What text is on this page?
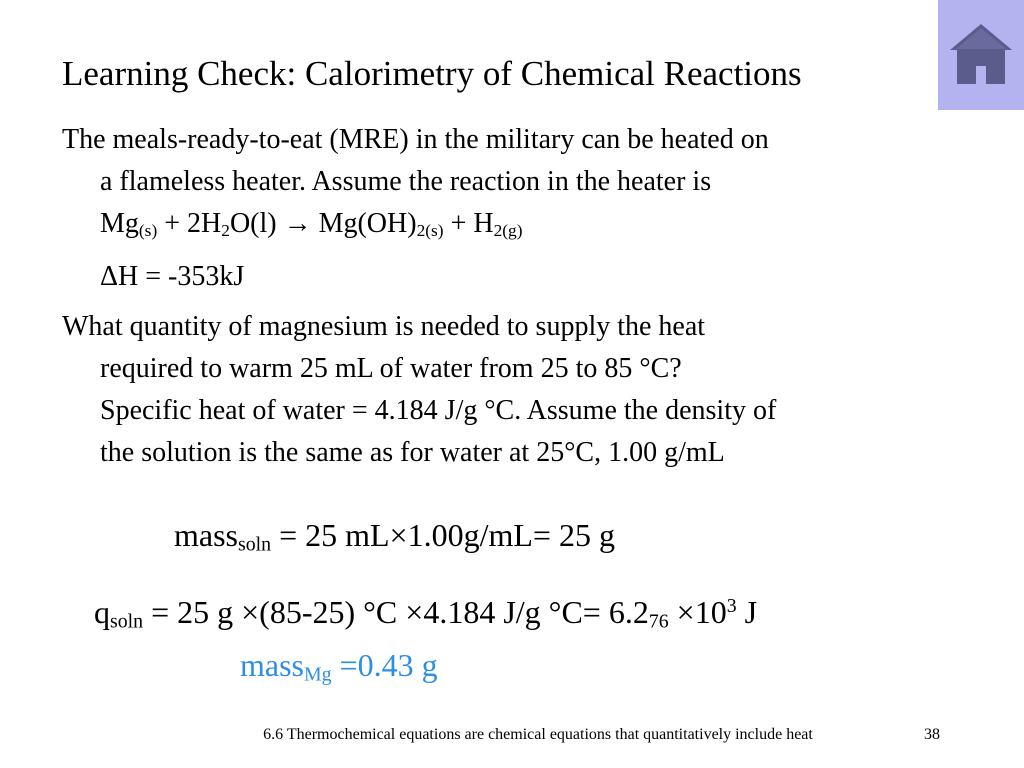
Learning Check: Calorimetry of Chemical Reactions
The meals-ready-to-eat (MRE) in the military can be heated on
a flameless heater. Assume the reaction in the heater is
$Mg_{(s)} + 2H_2O(l) \to Mg(OH)_{2(s)} + H_{2(g)}$
ΔH = -353kJ
What quantity of magnesium is needed to supply the heat
required to warm 25 mL of water from 25 to 85 °C?
Specific heat of water = 4.184 J/g °C. Assume the density of
the solution is the same as for water at 25°C, 1.00 g/mL
mass$_{soln}$ = 25 mL×1.00g/mL= 25 g
$q_{soln} = 25$ g ×(85-25) °C ×4.184 J/g $^\circ C= 6.2_{76} \times 10^3$ J
mass$_{Mg}$ =0.43 g
6.6 Thermochemical equations are chemical equations that quantitatively include heat	38
